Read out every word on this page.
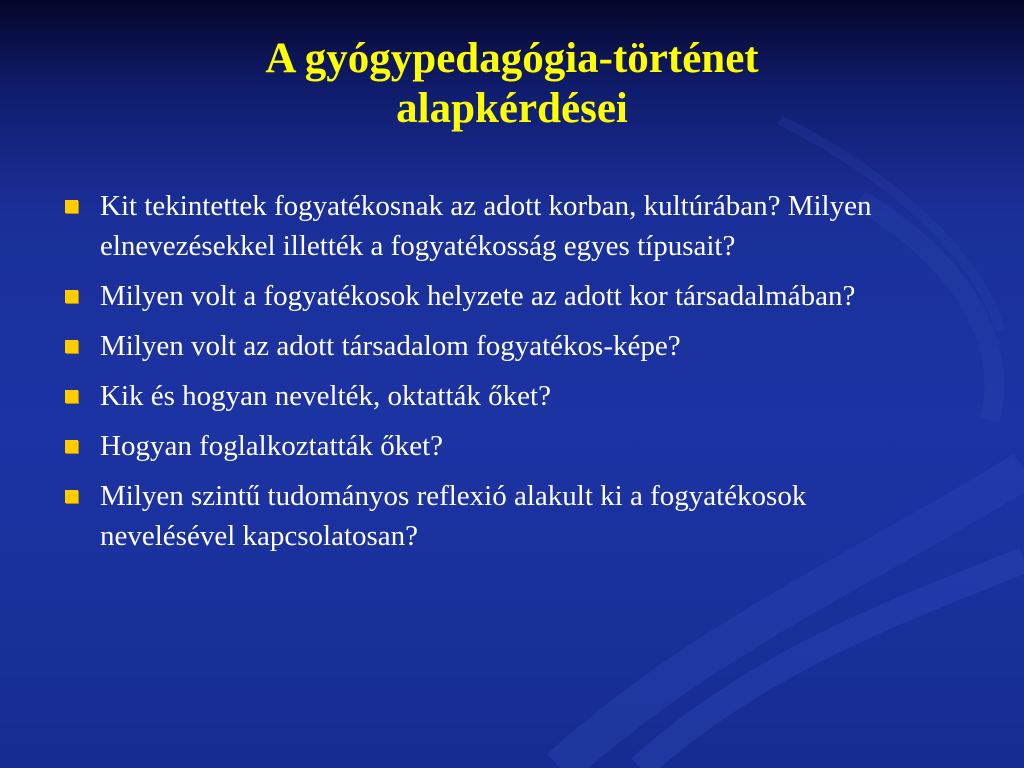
A gyógypedagógia-történet
alapkérdései
Kit tekintettek fogyatékosnak az adott korban, kultúrában? Milyen elnevezésekkel illették a fogyatékosság egyes típusait?
Milyen volt a fogyatékosok helyzete az adott kor társadalmában?
Milyen volt az adott társadalom fogyatékos-képe?
Kik és hogyan nevelték, oktatták őket?
Hogyan foglalkoztatták őket?
Milyen szintű tudományos reflexió alakult ki a fogyatékosok nevelésével kapcsolatosan?
